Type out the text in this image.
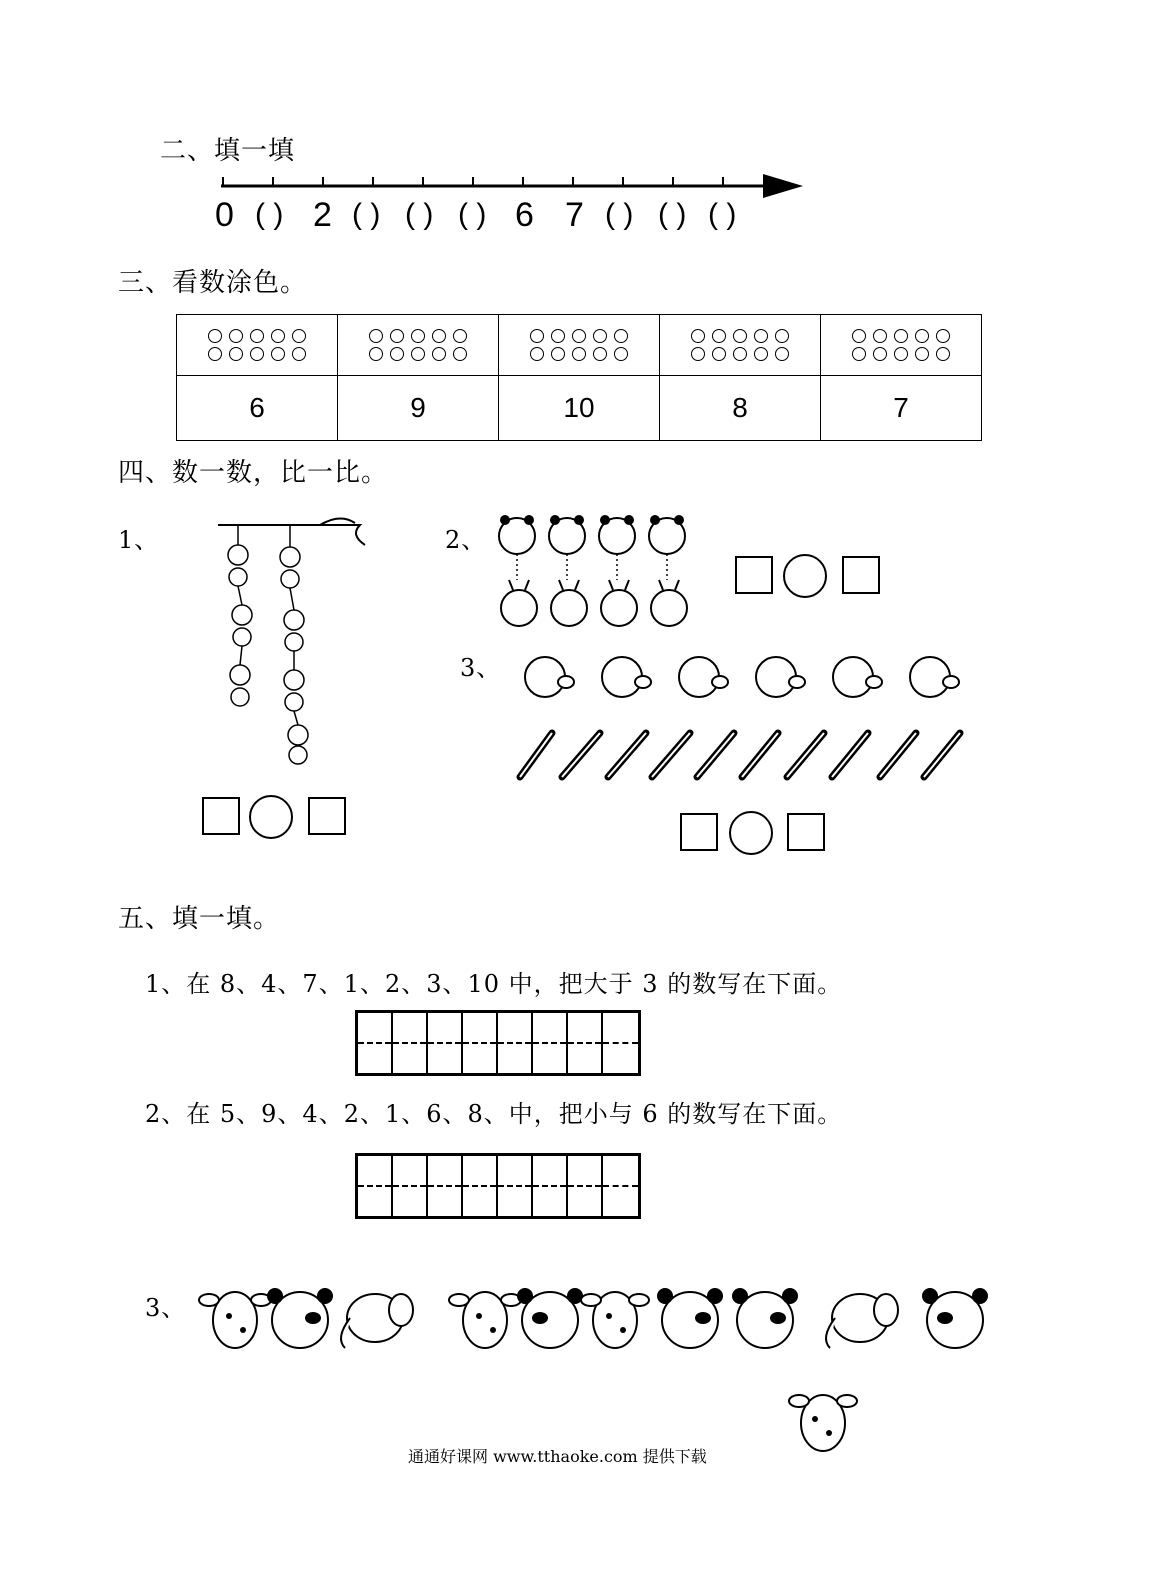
二、填一填
0 ( ) 2 ( ) ( ) ( ) 6 7 ( ) ( ) ( )
三、看数涂色。

6	9	10	8	7
四、数一数，比一比。
1、	2、
3、
五、填一填。
1、在 8、4、7、1、2、3、10 中，把大于 3 的数写在下面。
2、在 5、9、4、2、1、6、8、中，把小与 6 的数写在下面。
3、
通通好课网 www.tthaoke.com 提供下载
